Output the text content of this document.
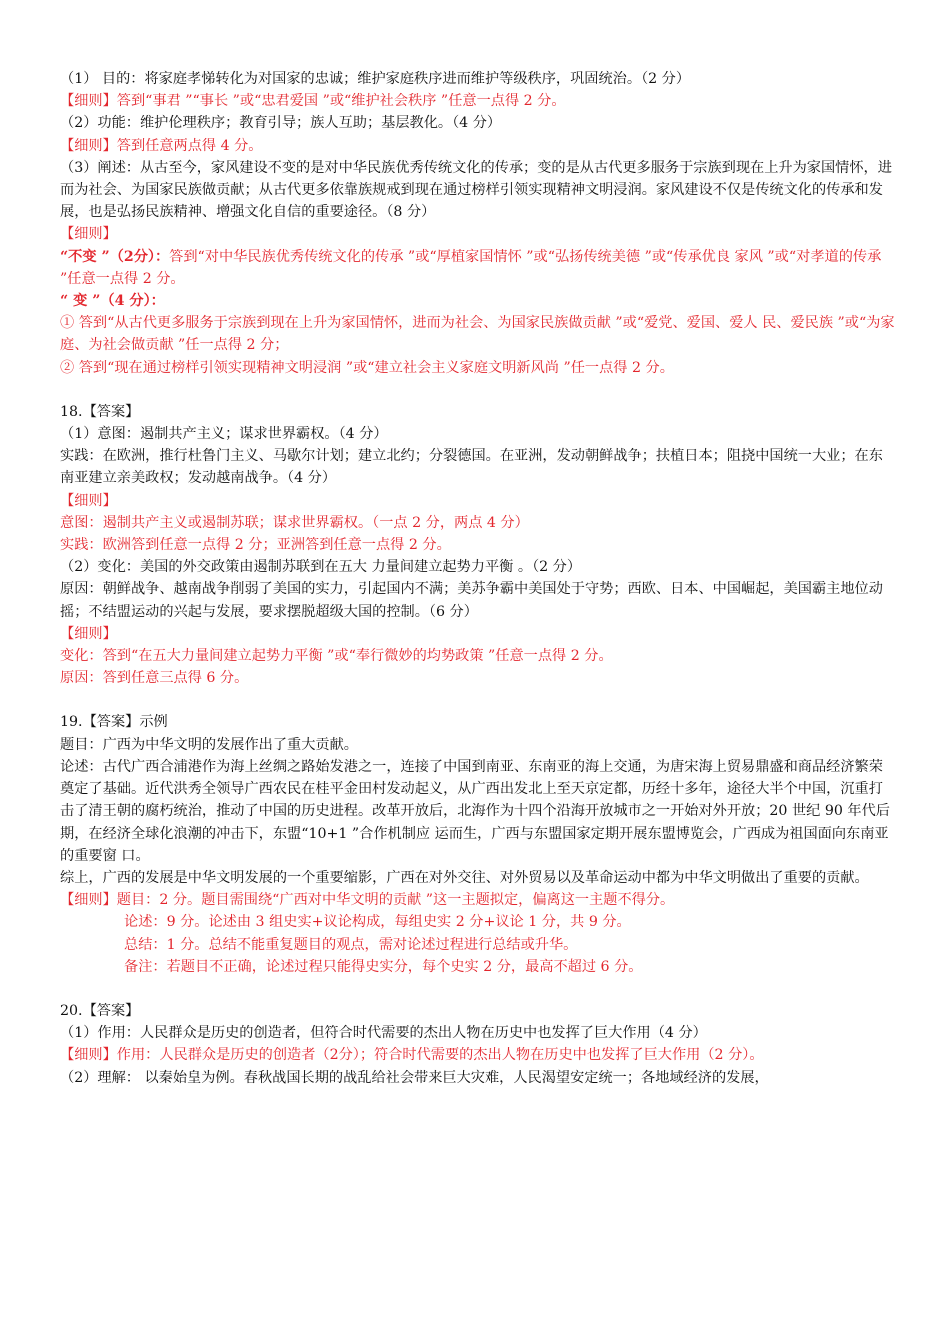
（1） 目的：将家庭孝悌转化为对国家的忠诚；维护家庭秩序进而维护等级秩序，巩固统治。（2 分）

【细则】答到“事君 ”“事长 ”或“忠君爱国 ”或“维护社会秩序 ”任意一点得 2 分。

（2）功能：维护伦理秩序；教育引导；族人互助；基层教化。（4 分）

【细则】答到任意两点得 4 分。

（3）阐述：从古至今，家风建设不变的是对中华民族优秀传统文化的传承；变的是从古代更多服务于宗族到现在上升为家国情怀，进而为社会、为国家民族做贡献；从古代更多依靠族规戒到现在通过榜样引领实现精神文明浸润。家风建设不仅是传统文化的传承和发展，也是弘扬民族精神、增强文化自信的重要途径。（8 分）

【细则】

“不变 ”（2分）：答到“对中华民族优秀传统文化的传承 ”或“厚植家国情怀 ”或“弘扬传统美德 ”或“传承优良 家风 ”或“对孝道的传承 ”任意一点得 2 分。

“ 变 ”（4 分）：

① 答到“从古代更多服务于宗族到现在上升为家国情怀，进而为社会、为国家民族做贡献 ”或“爱党、爱国、爱人 民、爱民族 ”或“为家庭、为社会做贡献 ”任一点得 2 分；

② 答到“现在通过榜样引领实现精神文明浸润 ”或“建立社会主义家庭文明新风尚 ”任一点得 2 分。

18.【答案】

（1）意图：遏制共产主义；谋求世界霸权。（4 分）

实践：在欧洲，推行杜鲁门主义、马歇尔计划；建立北约；分裂德国。在亚洲，发动朝鲜战争；扶植日本；阻挠中国统一大业；在东南亚建立亲美政权；发动越南战争。（4 分）

【细则】

意图：遏制共产主义或遏制苏联；谋求世界霸权。（一点 2 分，两点 4 分）

实践：欧洲答到任意一点得 2 分；亚洲答到任意一点得 2 分。

（2）变化：美国的外交政策由遏制苏联到在五大 力量间建立起势力平衡 。（2 分）

原因：朝鲜战争、越南战争削弱了美国的实力，引起国内不满；美苏争霸中美国处于守势；西欧、日本、中国崛起，美国霸主地位动摇；不结盟运动的兴起与发展，要求摆脱超级大国的控制。（6 分）

【细则】

变化：答到“在五大力量间建立起势力平衡 ”或“奉行微妙的均势政策 ”任意一点得 2 分。

原因：答到任意三点得 6 分。

19.【答案】示例

题目：广西为中华文明的发展作出了重大贡献。

论述：古代广西合浦港作为海上丝绸之路始发港之一，连接了中国到南亚、东南亚的海上交通，为唐宋海上贸易鼎盛和商品经济繁荣奠定了基础。近代洪秀全领导广西农民在桂平金田村发动起义，从广西出发北上至天京定都，历经十多年，途径大半个中国，沉重打击了清王朝的腐朽统治，推动了中国的历史进程。改革开放后，北海作为十四个沿海开放城市之一开始对外开放；20 世纪 90 年代后期，在经济全球化浪潮的冲击下，东盟“10+1 ”合作机制应 运而生，广西与东盟国家定期开展东盟博览会，广西成为祖国面向东南亚的重要窗 口。

综上，广西的发展是中华文明发展的一个重要缩影，广西在对外交往、对外贸易以及革命运动中都为中华文明做出了重要的贡献。

【细则】题目：2 分。题目需围绕“广西对中华文明的贡献 ”这一主题拟定，偏离这一主题不得分。

论述：9 分。论述由 3 组史实+议论构成，每组史实 2 分+议论 1 分，共 9 分。

总结：1 分。总结不能重复题目的观点，需对论述过程进行总结或升华。

备注：若题目不正确，论述过程只能得史实分，每个史实 2 分，最高不超过 6 分。

20.【答案】

（1）作用：人民群众是历史的创造者，但符合时代需要的杰出人物在历史中也发挥了巨大作用（4 分）

【细则】作用：人民群众是历史的创造者（2分）；符合时代需要的杰出人物在历史中也发挥了巨大作用（2 分）。

（2）理解： 以秦始皇为例。春秋战国长期的战乱给社会带来巨大灾难，人民渴望安定统一；各地域经济的发展，
